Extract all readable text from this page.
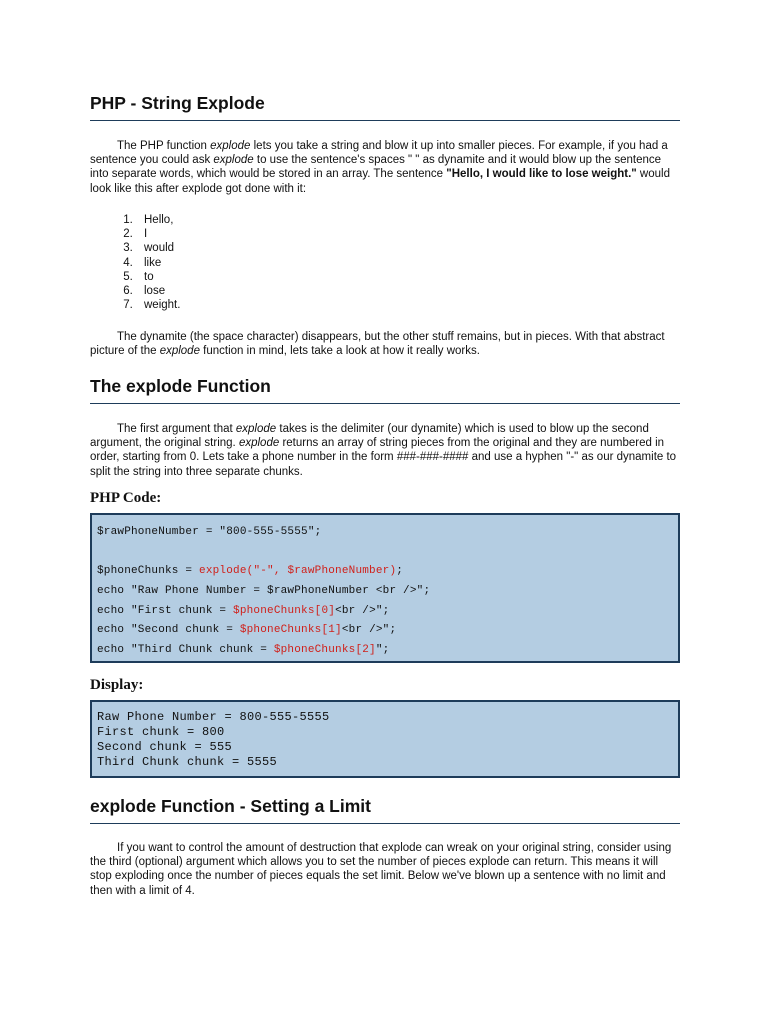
PHP - String Explode

The PHP function explode lets you take a string and blow it up into smaller pieces. For example, if you had a sentence you could ask explode to use the sentence's spaces " " as dynamite and it would blow up the sentence into separate words, which would be stored in an array. The sentence "Hello, I would like to lose weight." would look like this after explode got done with it:

1. Hello,
2. I
3. would
4. like
5. to
6. lose
7. weight.

The dynamite (the space character) disappears, but the other stuff remains, but in pieces. With that abstract picture of the explode function in mind, lets take a look at how it really works.

The explode Function

The first argument that explode takes is the delimiter (our dynamite) which is used to blow up the second argument, the original string. explode returns an array of string pieces from the original and they are numbered in order, starting from 0. Lets take a phone number in the form ###-###-#### and use a hyphen "-" as our dynamite to split the string into three separate chunks.

PHP Code:
$rawPhoneNumber = "800-555-5555";
$phoneChunks = explode("-", $rawPhoneNumber);
echo "Raw Phone Number = $rawPhoneNumber <br />";
echo "First chunk = $phoneChunks[0]<br />";
echo "Second chunk = $phoneChunks[1]<br />";
echo "Third Chunk chunk = $phoneChunks[2]";
Display:
Raw Phone Number = 800-555-5555
First chunk = 800
Second chunk = 555
Third Chunk chunk = 5555
explode Function - Setting a Limit

If you want to control the amount of destruction that explode can wreak on your original string, consider using the third (optional) argument which allows you to set the number of pieces explode can return. This means it will stop exploding once the number of pieces equals the set limit. Below we've blown up a sentence with no limit and then with a limit of 4.
